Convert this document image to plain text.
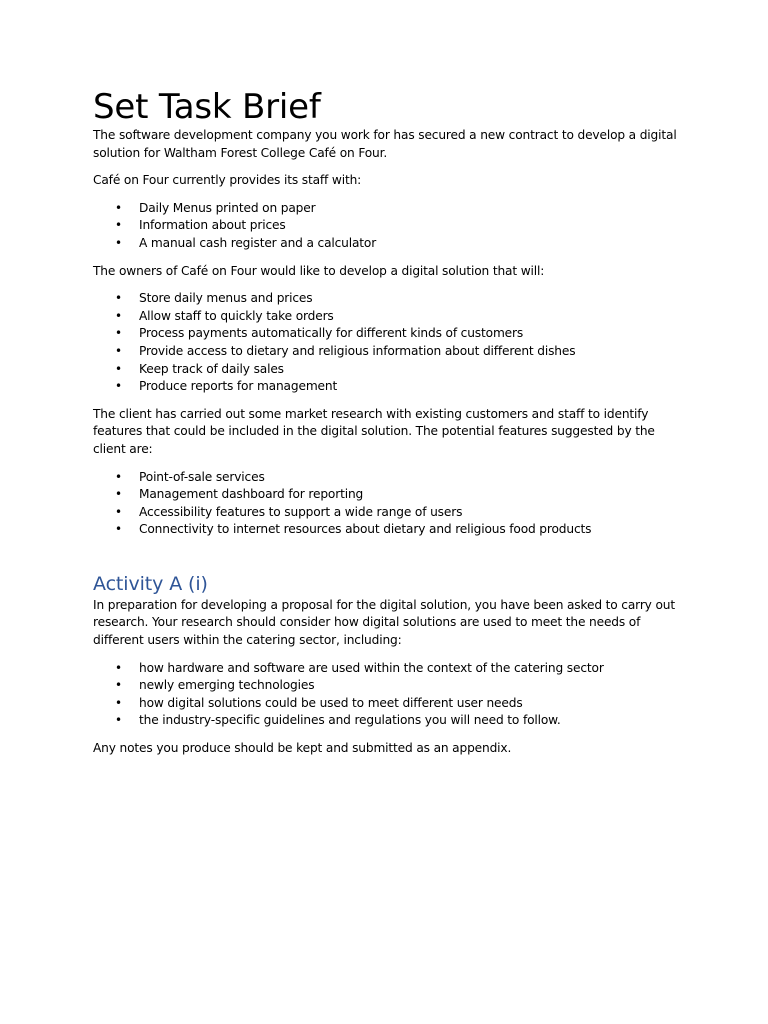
Set Task Brief

The software development company you work for has secured a new contract to develop a digital solution for Waltham Forest College Café on Four.

Café on Four currently provides its staff with:

• Daily Menus printed on paper
• Information about prices
• A manual cash register and a calculator

The owners of Café on Four would like to develop a digital solution that will:

• Store daily menus and prices
• Allow staff to quickly take orders
• Process payments automatically for different kinds of customers
• Provide access to dietary and religious information about different dishes
• Keep track of daily sales
• Produce reports for management

The client has carried out some market research with existing customers and staff to identify features that could be included in the digital solution. The potential features suggested by the client are:

• Point-of-sale services
• Management dashboard for reporting
• Accessibility features to support a wide range of users
• Connectivity to internet resources about dietary and religious food products
Activity A (i)

In preparation for developing a proposal for the digital solution, you have been asked to carry out research. Your research should consider how digital solutions are used to meet the needs of different users within the catering sector, including:

• how hardware and software are used within the context of the catering sector
• newly emerging technologies
• how digital solutions could be used to meet different user needs
• the industry-specific guidelines and regulations you will need to follow.

Any notes you produce should be kept and submitted as an appendix.
